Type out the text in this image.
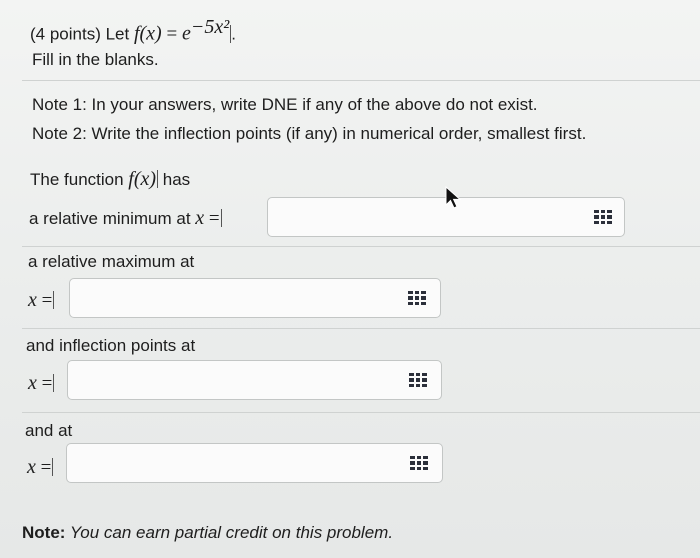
(4 points) Let $f(x) = e^{-5x^2}$ .
Fill in the blanks.
Note 1: In your answers, write DNE if any of the above do not exist.
Note 2: Write the inflection points (if any) in numerical order, smallest first.
The function f(x) has
a relative minimum at x =
a relative maximum at
x =
and inflection points at
x =
and at
x =
Note: You can earn partial credit on this problem.
